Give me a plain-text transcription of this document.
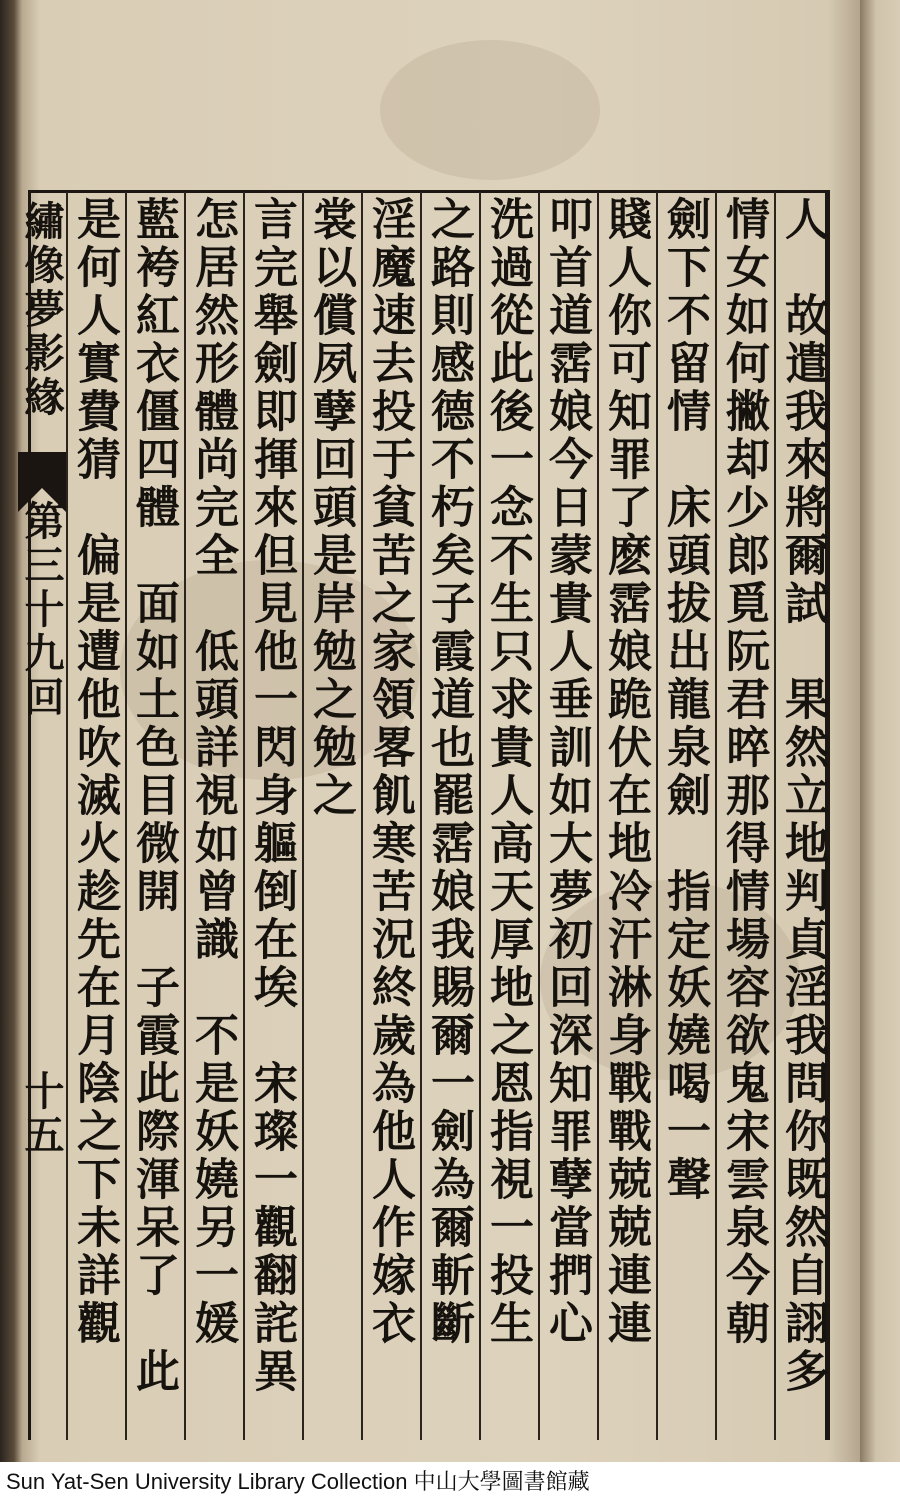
繡像夢影緣
第三十九回
十五	人　故遣我來將爾試　果然立地判貞淫我問你既然自詡多
情女如何撇却少郎覓阮君晬那得情場容欲鬼宋雲泉今朝
劍下不留情　床頭拔出龍泉劍　指定妖嬈喝一聲
賤人你可知罪了麽霑娘跪伏在地冷汗淋身戰戰兢兢連連
叩首道霑娘今日蒙貴人垂訓如大夢初回深知罪孽當捫心
洗過從此後一念不生只求貴人高天厚地之恩指視一投生
之路則感德不朽矣子霞道也罷霑娘我賜爾一劍為爾斬斷
淫魔速去投于貧苦之家領畧飢寒苦況終歲為他人作嫁衣
裳以償夙孽回頭是岸勉之勉之
言完舉劍即揮來但見他一閃身軀倒在埃　宋璨一觀翻詫異
怎居然形體尚完全　低頭詳視如曾識　不是妖嬈另一媛
藍袴紅衣僵四體　面如土色目微開　子霞此際渾呆了　此
是何人實費猜　偏是遭他吹滅火趁先在月陰之下未詳觀
Sun Yat-Sen University Library Collection 中山大學圖書館藏
